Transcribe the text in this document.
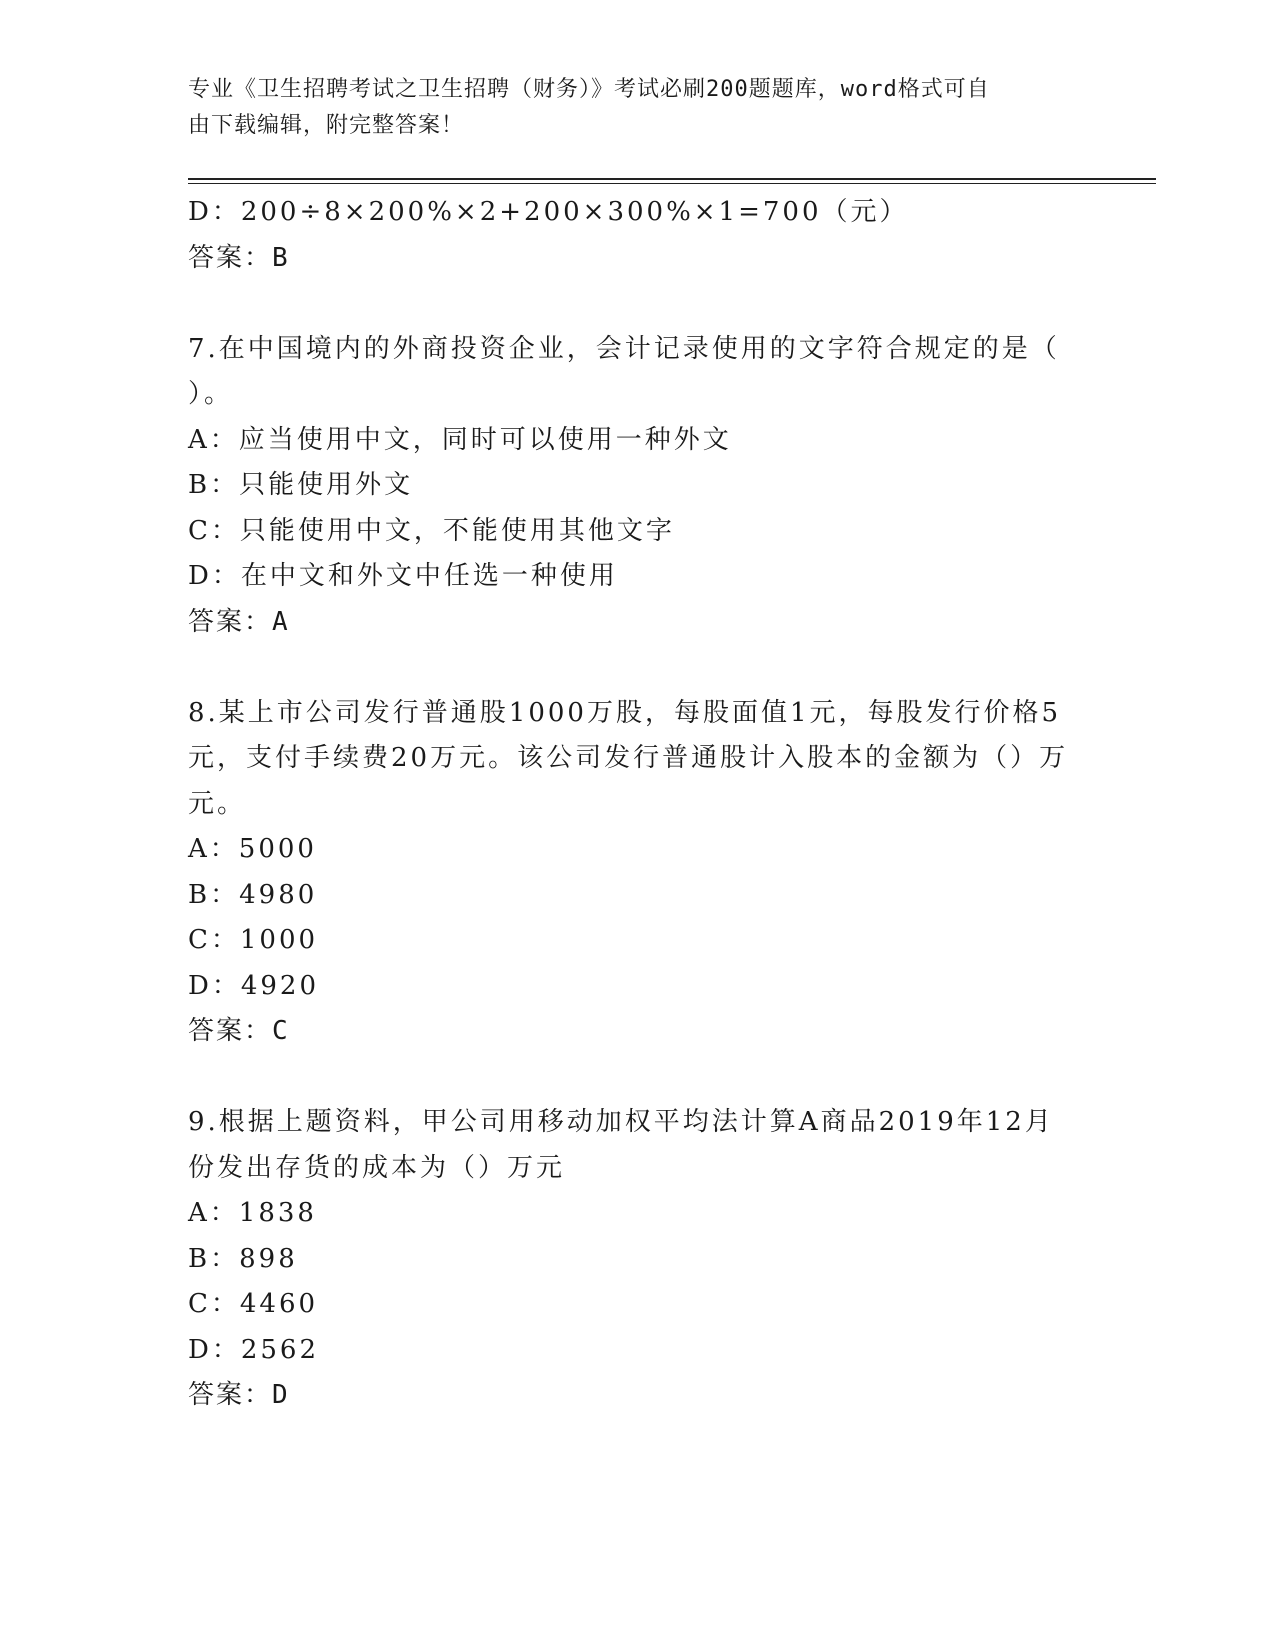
专业《卫生招聘考试之卫生招聘（财务）》考试必刷200题题库，word格式可自
由下载编辑，附完整答案！
D：200÷8×200%×2+200×300%×1=700（元）
答案：B
7.在中国境内的外商投资企业，会计记录使用的文字符合规定的是（
）。
A：应当使用中文，同时可以使用一种外文
B：只能使用外文
C：只能使用中文，不能使用其他文字
D：在中文和外文中任选一种使用
答案：A
8.某上市公司发行普通股1000万股，每股面值1元，每股发行价格5
元，支付手续费20万元。该公司发行普通股计入股本的金额为（）万
元。
A：5000
B：4980
C：1000
D：4920
答案：C
9.根据上题资料，甲公司用移动加权平均法计算A商品2019年12月
份发出存货的成本为（）万元
A：1838
B：898
C：4460
D：2562
答案：D
